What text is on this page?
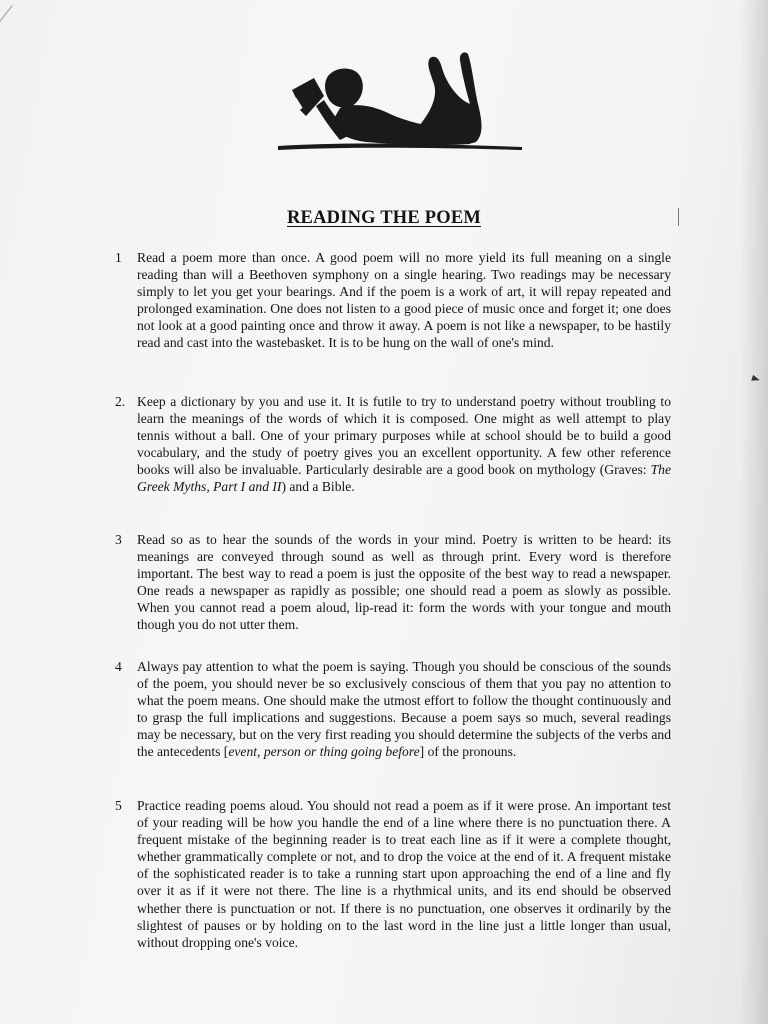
READING THE POEM
1	Read a poem more than once. A good poem will no more yield its full meaning on a single reading than will a Beethoven symphony on a single hearing. Two readings may be necessary simply to let you get your bearings. And if the poem is a work of art, it will repay repeated and prolonged examination. One does not listen to a good piece of music once and forget it; one does not look at a good painting once and throw it away. A poem is not like a newspaper, to be hastily read and cast into the wastebasket. It is to be hung on the wall of one's mind.
2. Keep a dictionary by you and use it. It is futile to try to understand poetry without troubling to learn the meanings of the words of which it is composed. One might as well attempt to play tennis without a ball. One of your primary purposes while at school should be to build a good vocabulary, and the study of poetry gives you an excellent opportunity. A few other reference books will also be invaluable. Particularly desirable are a good book on mythology (Graves: The Greek Myths, Part I and II) and a Bible.
3	Read so as to hear the sounds of the words in your mind. Poetry is written to be heard: its meanings are conveyed through sound as well as through print. Every word is therefore important. The best way to read a poem is just the opposite of the best way to read a newspaper. One reads a newspaper as rapidly as possible; one should read a poem as slowly as possible. When you cannot read a poem aloud, lip-read it: form the words with your tongue and mouth though you do not utter them.
4	Always pay attention to what the poem is saying. Though you should be conscious of the sounds of the poem, you should never be so exclusively conscious of them that you pay no attention to what the poem means. One should make the utmost effort to follow the thought continuously and to grasp the full implications and suggestions. Because a poem says so much, several readings may be necessary, but on the very first reading you should determine the subjects of the verbs and the antecedents [event, person or thing going before] of the pronouns.
5	Practice reading poems aloud. You should not read a poem as if it were prose. An important test of your reading will be how you handle the end of a line where there is no punctuation there. A frequent mistake of the beginning reader is to treat each line as if it were a complete thought, whether grammatically complete or not, and to drop the voice at the end of it. A frequent mistake of the sophisticated reader is to take a running start upon approaching the end of a line and fly over it as if it were not there. The line is a rhythmical units, and its end should be observed whether there is punctuation or not. If there is no punctuation, one observes it ordinarily by the slightest of pauses or by holding on to the last word in the line just a little longer than usual, without dropping one's voice.
